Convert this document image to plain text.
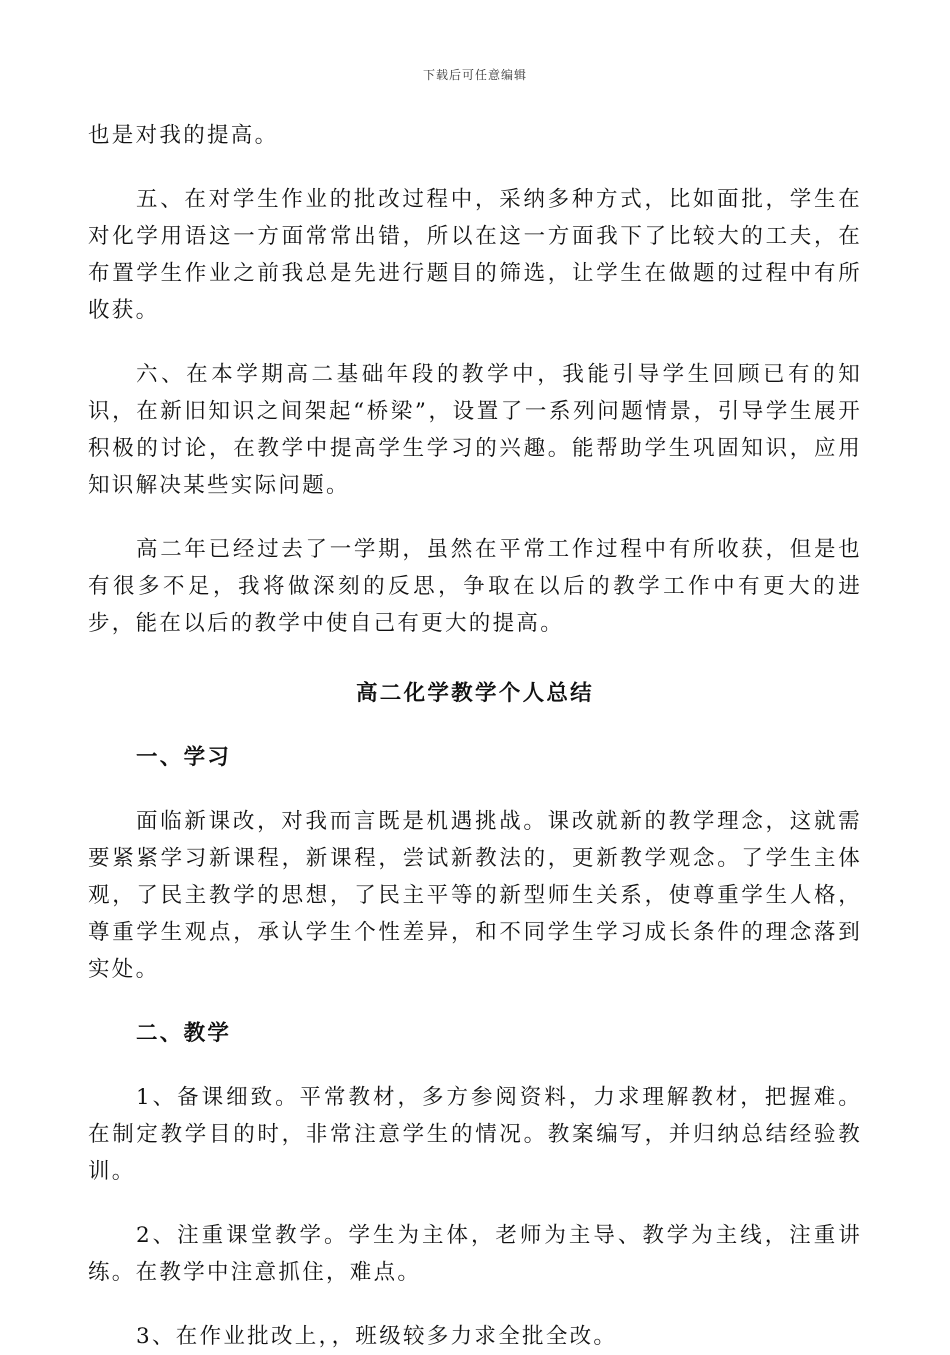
下载后可任意编辑

也是对我的提高。

五、在对学生作业的批改过程中，采纳多种方式，比如面批，学生在对化学用语这一方面常常出错，所以在这一方面我下了比较大的工夫，在布置学生作业之前我总是先进行题目的筛选，让学生在做题的过程中有所收获。

六、在本学期高二基础年段的教学中，我能引导学生回顾已有的知识，在新旧知识之间架起“桥梁”，设置了一系列问题情景，引导学生展开积极的讨论，在教学中提高学生学习的兴趣。能帮助学生巩固知识，应用知识解决某些实际问题。

高二年已经过去了一学期，虽然在平常工作过程中有所收获，但是也有很多不足，我将做深刻的反思，争取在以后的教学工作中有更大的进步，能在以后的教学中使自己有更大的提高。

高二化学教学个人总结
一、学习

面临新课改，对我而言既是机遇挑战。课改就新的教学理念，这就需要紧紧学习新课程，新课程，尝试新教法的，更新教学观念。了学生主体观，了民主教学的思想，了民主平等的新型师生关系，使尊重学生人格，尊重学生观点，承认学生个性差异，和不同学生学习成长条件的理念落到实处。

二、教学

1、备课细致。平常教材，多方参阅资料，力求理解教材，把握难。在制定教学目的时，非常注意学生的情况。教案编写，并归纳总结经验教训。

2、注重课堂教学。学生为主体，老师为主导、教学为主线，注重讲练。在教学中注意抓住，难点。

3、在作业批改上，，班级较多力求全批全改。
